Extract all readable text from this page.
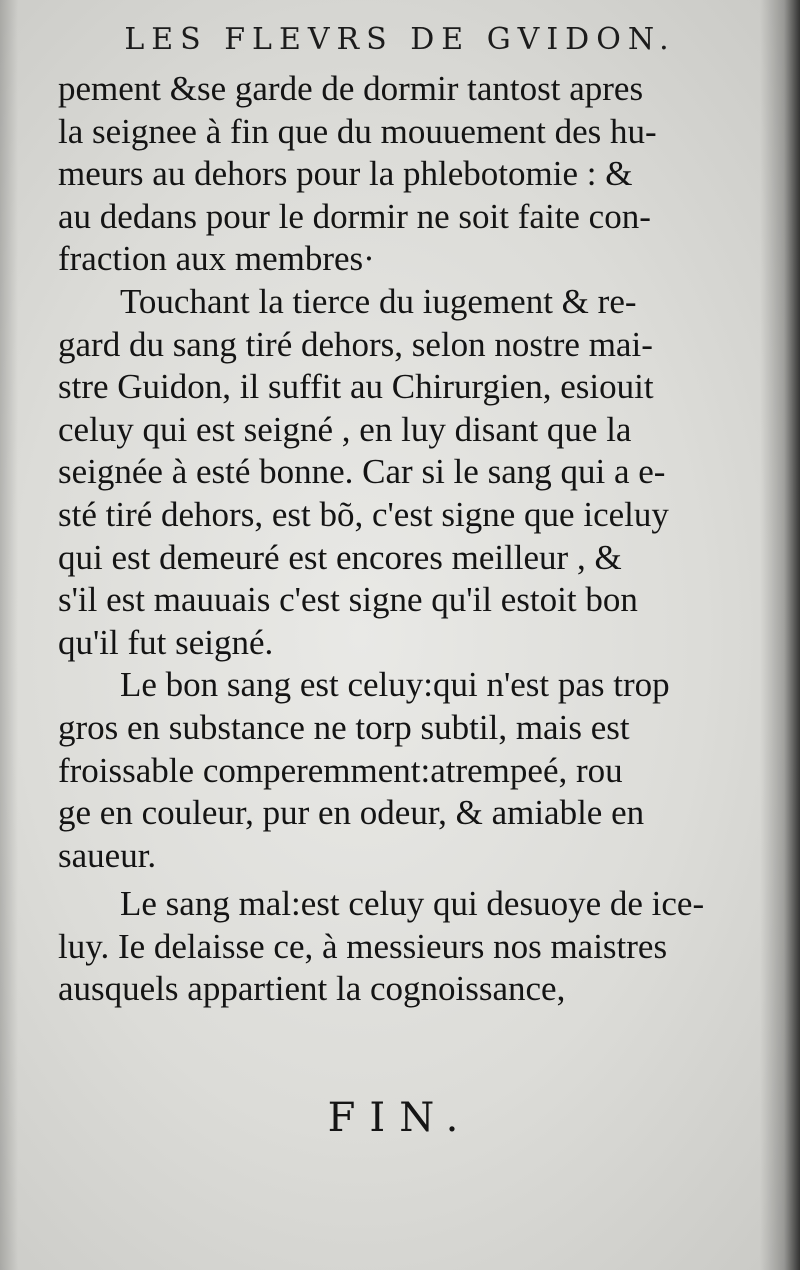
LES FLEVRS DE GVIDON.
pement &se garde de dormir tantost apres
la seignee à fin que du mouuement des hu-
meurs au dehors pour la phlebotomie : &
au dedans pour le dormir ne soit faite con-
fraction aux membres·
Touchant la tierce du iugement & re-
gard du sang tiré dehors, selon nostre mai-
stre Guidon, il suffit au Chirurgien, esiouit
celuy qui est seigné , en luy disant que la
seignée à esté bonne. Car si le sang qui a e-
sté tiré dehors, est bõ, c'est signe que iceluy
qui est demeuré est encores meilleur , &
s'il est mauuais c'est signe qu'il estoit bon
qu'il fut seigné.
Le bon sang est celuy:qui n'est pas trop
gros en substance ne torp subtil, mais est
froissable comperemment:atrempeé, rou
ge en couleur, pur en odeur, & amiable en
saueur.
Le sang mal:est celuy qui desuoye de ice-
luy. Ie delaisse ce, à messieurs nos maistres
ausquels appartient la cognoissance,
FIN.
